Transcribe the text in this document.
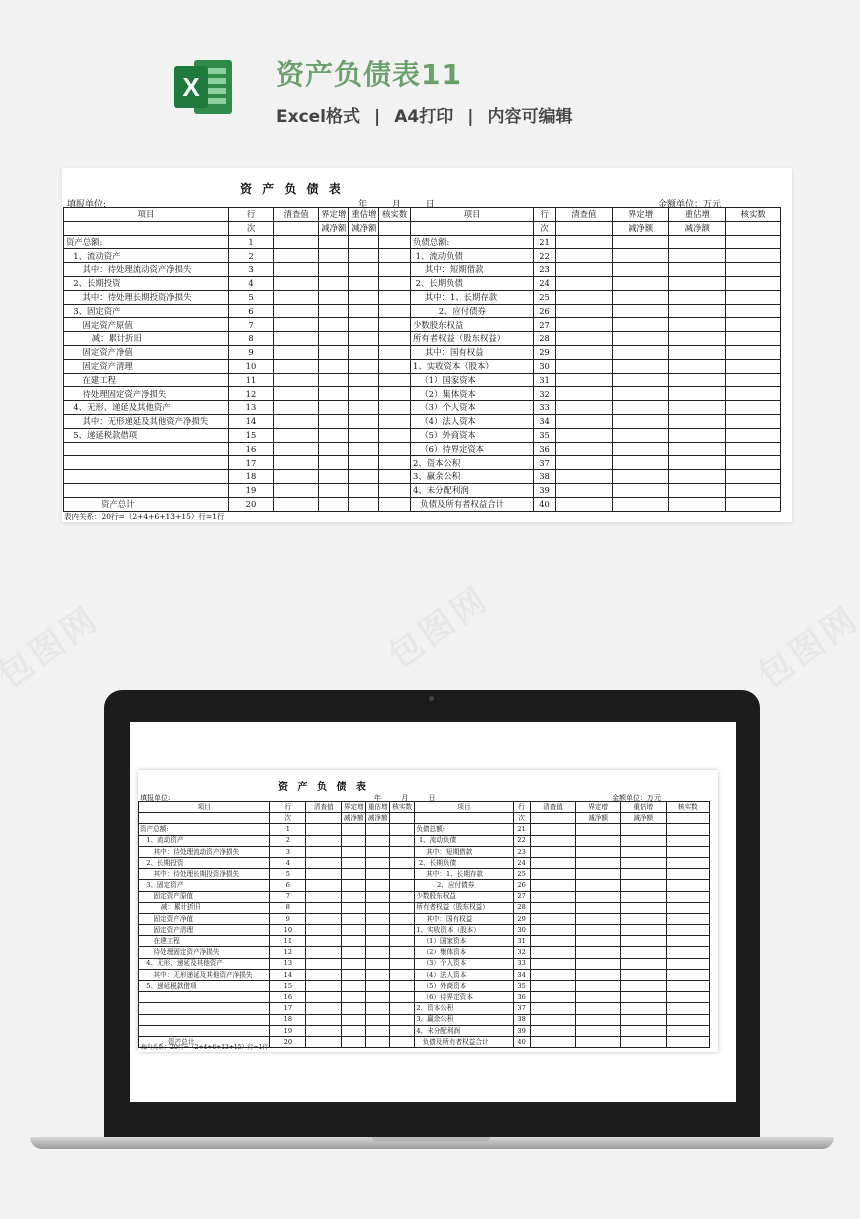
X	资产负债表11
Excel格式 | A4打印 | 内容可编辑
资 产 负 债 表
填报单位:	年 月 日	金额单位：万元
项目	行	清查值	界定增	重估增	核实数	项目	行	清查值	界定增	重估增	核实数
	次		减净额	减净额			次		减净额	减净额	
资产总额:	1					负债总额:	21				
1、流动资产	2					1、流动负债	22				
其中：待处理流动资产净损失	3					其中：短期借款	23				
2、长期投资	4					2、长期负债	24				
其中：待处理长期投资净损失	5					其中：1、长期存款	25				
3、固定资产	6					2、应付债券	26				
固定资产原值	7					少数股东权益	27				
减：累计折旧	8					所有者权益（股东权益）	28				
固定资产净值	9					其中：国有权益	29				
固定资产清理	10					1、实收资本（股本）	30				
在建工程	11					（1）国家资本	31				
待处理固定资产净损失	12					（2）集体资本	32				
4、无形、递延及其他资产	13					（3）个人资本	33				
其中：无形递延及其他资产净损失	14					（4）法人资本	34				
5、递延税款借项	15					（5）外商资本	35				
	16					（6）待界定资本	36				
	17					2、资本公积	37				
	18					3、赢余公积	38				
	19					4、未分配利润	39				
资产总计	20					负债及所有者权益合计	40				
表内关系：20行=（2+4+6+13+15）行=1行
资 产 负 债 表
填报单位:	年 月 日	金额单位：万元
项目	行	清查值	界定增	重估增	核实数	项目	行	清查值	界定增	重估增	核实数
	次		减净额	减净额			次		减净额	减净额	
资产总额:	1					负债总额:	21				
1、流动资产	2					1、流动负债	22				
其中：待处理流动资产净损失	3					其中：短期借款	23				
2、长期投资	4					2、长期负债	24				
其中：待处理长期投资净损失	5					其中：1、长期存款	25				
3、固定资产	6					2、应付债券	26				
固定资产原值	7					少数股东权益	27				
减：累计折旧	8					所有者权益（股东权益）	28				
固定资产净值	9					其中：国有权益	29				
固定资产清理	10					1、实收资本（股本）	30				
在建工程	11					（1）国家资本	31				
待处理固定资产净损失	12					（2）集体资本	32				
4、无形、递延及其他资产	13					（3）个人资本	33				
其中：无形递延及其他资产净损失	14					（4）法人资本	34				
5、递延税款借项	15					（5）外商资本	35				
	16					（6）待界定资本	36				
	17					2、资本公积	37				
	18					3、赢余公积	38				
	19					4、未分配利润	39				
资产总计	20					负债及所有者权益合计	40				
表内关系：20行=（2+4+6+13+15）行=1行
